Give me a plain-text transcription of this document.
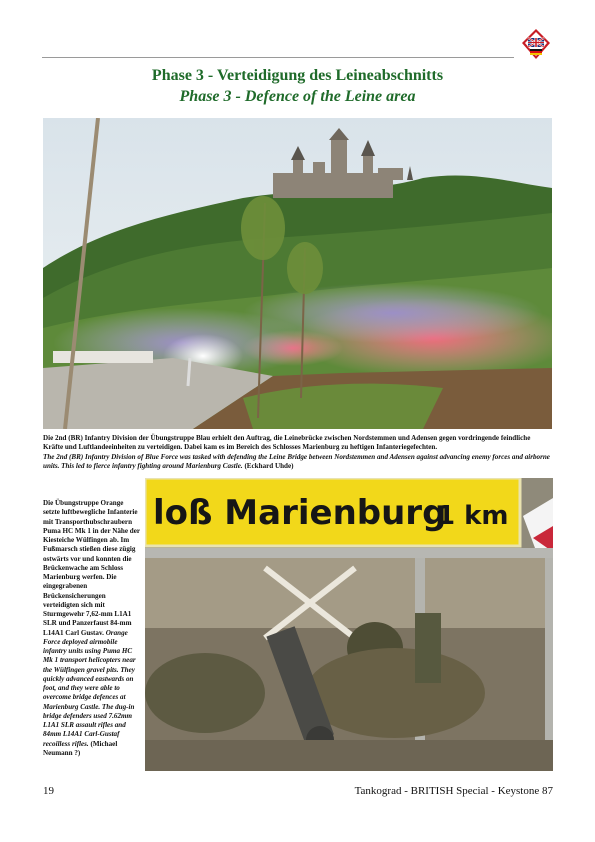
Phase 3 - Verteidigung des Leineabschnitts
Phase 3 - Defence of the Leine area
Die 2nd (BR) Infantry Division der Übungstruppe Blau erhielt den Auftrag, die Leinebrücke zwischen Nordstemmen und Adensen gegen vordringende feindliche Kräfte und Luftlandeeinheiten zu verteidigen. Dabei kam es im Bereich des Schlosses Marienburg zu heftigen Infanteriegefechten.
The 2nd (BR) Infantry Division of Blue Force was tasked with defending the Leine Bridge between Nordstemmen and Adensen against advancing enemy forces and airborne units. This led to fierce infantry fighting around Marienburg Castle. (Eckhard Uhde)
Die Übungstruppe Orange setzte luftbewegliche Infanterie mit Transporthubschraubern Puma HC Mk 1 in der Nähe der Kiesteiche Wülfingen ab. Im Fußmarsch stießen diese zügig ostwärts vor und konnten die Brückenwache am Schloss Marienburg werfen. Die eingegrabenen Brückensicherungen verteidigten sich mit Sturmgewehr 7,62-mm L1A1 SLR und Panzerfaust 84-mm L14A1 Carl Gustav. Orange Force deployed airmobile infantry units using Puma HC Mk 1 transport helicopters near the Wülfingen gravel pits. They quickly advanced eastwards on foot, and they were able to overcome bridge defences at Marienburg Castle. The dug-in bridge defenders used 7.62mm L1A1 SLR assault rifles and 84mm L14A1 Carl-Gustaf recoilless rifles. (Michael Neumann ?)
loß Marienburg
1 km
19	Tankograd - BRITISH Special - Keystone 87
